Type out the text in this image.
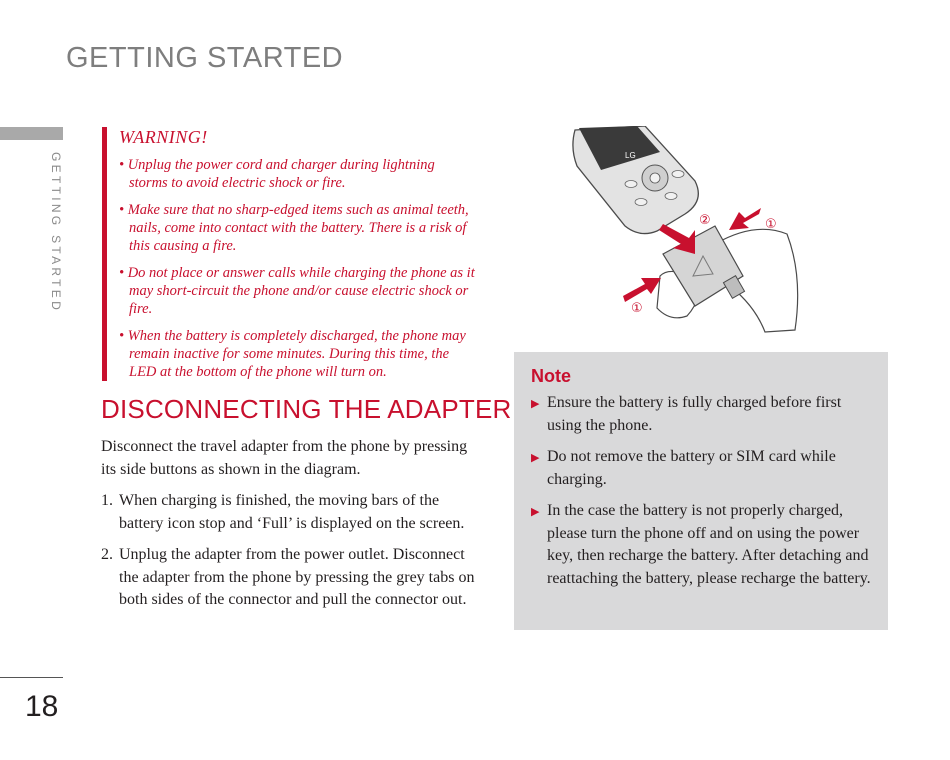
GETTING STARTED
GETTING STARTED
WARNING!
• Unplug the power cord and charger during lightning storms to avoid electric shock or fire.
• Make sure that no sharp-edged items such as animal teeth, nails, come into contact with the battery. There is a risk of this causing a fire.
• Do not place or answer calls while charging the phone as it may short-circuit the phone and/or cause electric shock or fire.
• When the battery is completely discharged, the phone may remain inactive for some minutes. During this time, the LED at the bottom of the phone will turn on.
DISCONNECTING THE ADAPTER

Disconnect the travel adapter from the phone by pressing its side buttons as shown in the diagram.

1. When charging is finished, the moving bars of the battery icon stop and ‘Full’ is displayed on the screen.
2. Unplug the adapter from the power outlet. Disconnect the adapter from the phone by pressing the grey tabs on both sides of the connector and pull the connector out.
LG
①
②
①
Note
▶ Ensure the battery is fully charged before first using the phone.
▶ Do not remove the battery or SIM card while charging.
▶ In the case the battery is not properly charged, please turn the phone off and on using the power key, then recharge the battery. After detaching and reattaching the battery, please recharge the battery.
18
